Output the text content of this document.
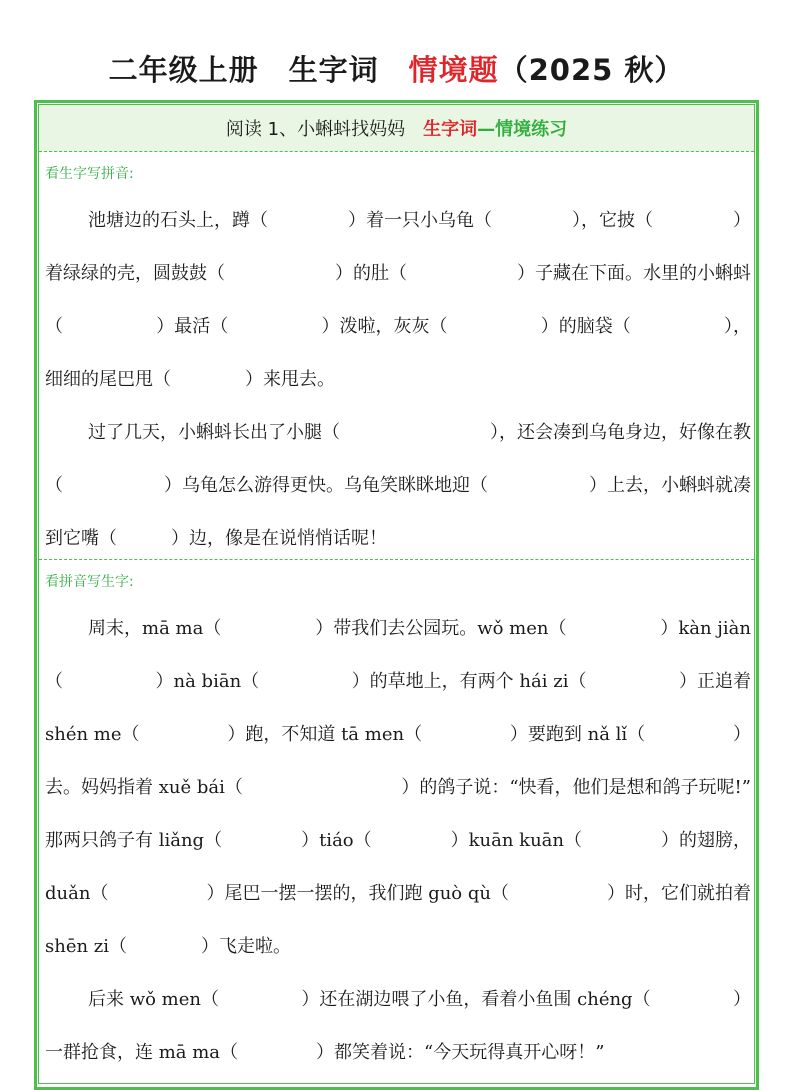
二年级上册　生字词　情境题（2025 秋）
阅读 1、小蝌蚪找妈妈　 生字词 —情境练习
看生字写拼音:
池塘边的石头上，蹲（	）着一只小乌龟（	），它披（	）
着绿绿的壳，圆鼓鼓（	）的肚（	）子藏在下面。水里的小蝌蚪
（	）最活（	）泼啦，灰灰（	）的脑袋（	），
细细的尾巴甩（	）来甩去。
过了几天，小蝌蚪长出了小腿（	），还会凑到乌龟身边，好像在教
（	）乌龟怎么游得更快。乌龟笑眯眯地迎（	）上去，小蝌蚪就凑
到它嘴（	）边，像是在说悄悄话呢！
看拼音写生字:
周末，mā ma（	）带我们去公园玩。wǒ men（	）kàn jiàn
（	）nà biān（	）的草地上，有两个 hái zi（	）正追着
shén me（	）跑，不知道 tā men（	）要跑到 nǎ lǐ（	）
去。妈妈指着 xuě bái（	）的鸽子说：“快看，他们是想和鸽子玩呢!”
那两只鸽子有 liǎng（	）tiáo（	）kuān kuān（	）的翅膀，
duǎn（	）尾巴一摆一摆的，我们跑 guò qù（	）时，它们就拍着
shēn zi（	）飞走啦。
后来 wǒ men（	）还在湖边喂了小鱼，看着小鱼围 chéng（	）
一群抢食，连 mā ma（	）都笑着说：“今天玩得真开心呀！”
